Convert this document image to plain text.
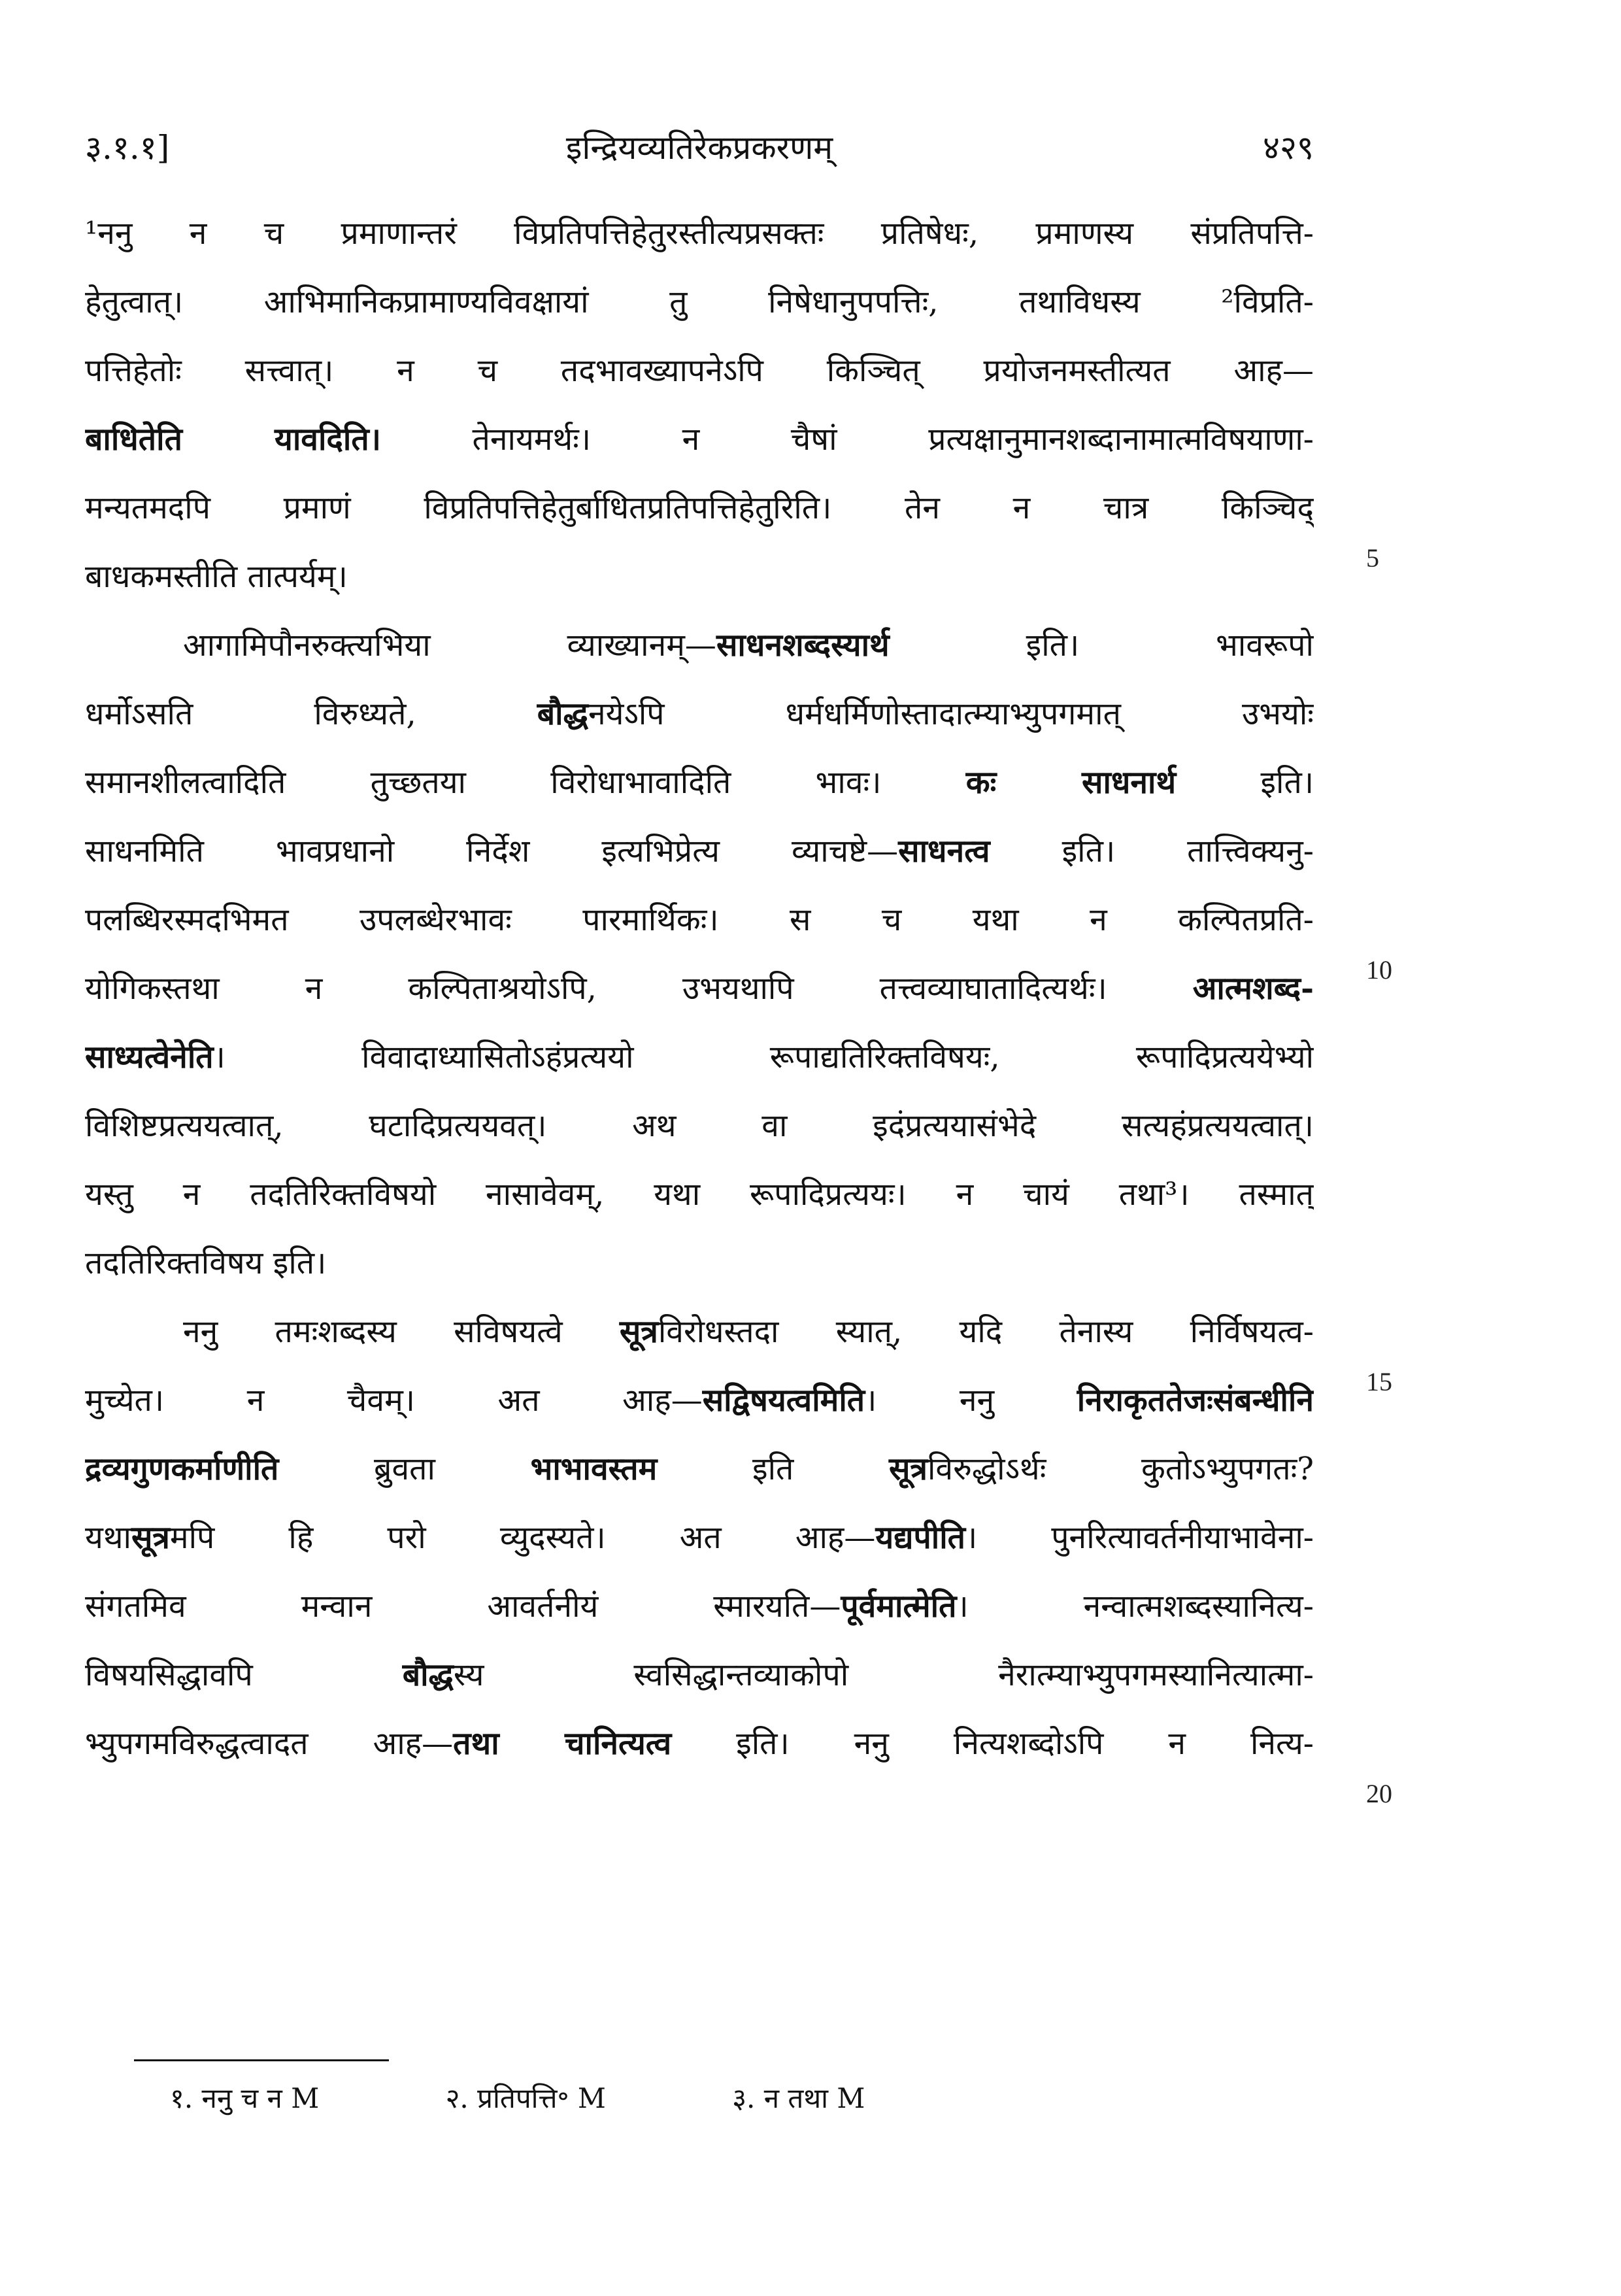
३.१.१]	इन्द्रियव्यतिरेकप्रकरणम्	४२९
¹ननु न च प्रमाणान्तरं विप्रतिपत्तिहेतुरस्तीत्यप्रसक्तः प्रतिषेधः, प्रमाणस्य संप्रतिपत्ति-
हेतुत्वात्। आभिमानिकप्रामाण्यविवक्षायां तु निषेधानुपपत्तिः, तथाविधस्य ²विप्रति-
पत्तिहेतोः सत्त्वात्। न च तदभावख्यापनेऽपि किञ्चित् प्रयोजनमस्तीत्यत आह—
बाधितेति यावदिति। तेनायमर्थः। न चैषां प्रत्यक्षानुमानशब्दानामात्मविषयाणा-
मन्यतमदपि प्रमाणं विप्रतिपत्तिहेतुर्बाधितप्रतिपत्तिहेतुरिति। तेन न चात्र किञ्चिद्
बाधकमस्तीति तात्पर्यम्।
आगामिपौनरुक्त्यभिया व्याख्यानम्—साधनशब्दस्यार्थ इति। भावरूपो
धर्मोऽसति विरुध्यते, बौद्धनयेऽपि धर्मधर्मिणोस्तादात्म्याभ्युपगमात् उभयोः
समानशीलत्वादिति तुच्छतया विरोधाभावादिति भावः। कः साधनार्थ इति।
साधनमिति भावप्रधानो निर्देश इत्यभिप्रेत्य व्याचष्टे—साधनत्व इति। तात्त्विक्यनु-
पलब्धिरस्मदभिमत उपलब्धेरभावः पारमार्थिकः। स च यथा न कल्पितप्रति-
योगिकस्तथा न कल्पिताश्रयोऽपि, उभयथापि तत्त्वव्याघातादित्यर्थः। आत्मशब्द-
साध्यत्वेनेति। विवादाध्यासितोऽहंप्रत्ययो रूपाद्यतिरिक्तविषयः, रूपादिप्रत्ययेभ्यो
विशिष्टप्रत्ययत्वात्, घटादिप्रत्ययवत्। अथ वा इदंप्रत्ययासंभेदे सत्यहंप्रत्ययत्वात्।
यस्तु न तदतिरिक्तविषयो नासावेवम्, यथा रूपादिप्रत्ययः। न चायं तथा³। तस्मात्
तदतिरिक्तविषय इति।
ननु तमःशब्दस्य सविषयत्वे सूत्रविरोधस्तदा स्यात्, यदि तेनास्य निर्विषयत्व-
मुच्येत। न चैवम्। अत आह—सद्विषयत्वमिति। ननु निराकृततेजःसंबन्धीनि
द्रव्यगुणकर्माणीति ब्रुवता भाभावस्तम इति सूत्रविरुद्धोऽर्थः कुतोऽभ्युपगतः?
यथासूत्रमपि हि परो व्युदस्यते। अत आह—यद्यपीति। पुनरित्यावर्तनीयाभावेना-
संगतमिव मन्वान आवर्तनीयं स्मारयति—पूर्वमात्मेति। नन्वात्मशब्दस्यानित्य-
विषयसिद्धावपि बौद्धस्य स्वसिद्धान्तव्याकोपो नैरात्म्याभ्युपगमस्यानित्यात्मा-
भ्युपगमविरुद्धत्वादत आह—तथा चानित्यत्व इति। ननु नित्यशब्दोऽपि न नित्य-
5
10
15
20
१. ननु च न M	२. प्रतिपत्ति॰ M	३. न तथा M
